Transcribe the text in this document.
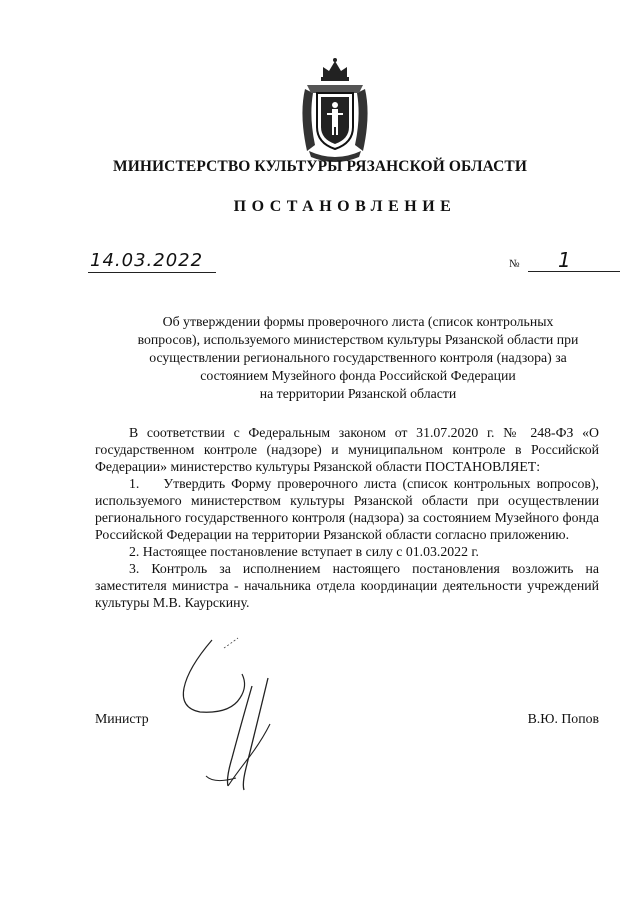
МИНИСТЕРСТВО КУЛЬТУРЫ РЯЗАНСКОЙ ОБЛАСТИ
ПОСТАНОВЛЕНИЕ
14.03.2022	№	1
Об утверждении формы проверочного листа (список контрольных
вопросов), используемого министерством культуры Рязанской области при
осуществлении регионального государственного контроля (надзора) за
состоянием Музейного фонда Российской Федерации
на территории Рязанской области

В соответствии с Федеральным законом от 31.07.2020 г. № 248-ФЗ «О государственном контроле (надзоре) и муниципальном контроле в Российской Федерации» министерство культуры Рязанской области ПОСТАНОВЛЯЕТ:

1.    Утвердить Форму проверочного листа (список контрольных вопросов), используемого министерством культуры Рязанской области при осуществлении регионального государственного контроля (надзора) за состоянием Музейного фонда Российской Федерации на территории Рязанской области согласно приложению.

2. Настоящее постановление вступает в силу с 01.03.2022 г.

3. Контроль за исполнением настоящего постановления возложить на заместителя министра - начальника отдела координации деятельности учреждений культуры М.В. Каурскину.

Министр	В.Ю. Попов
